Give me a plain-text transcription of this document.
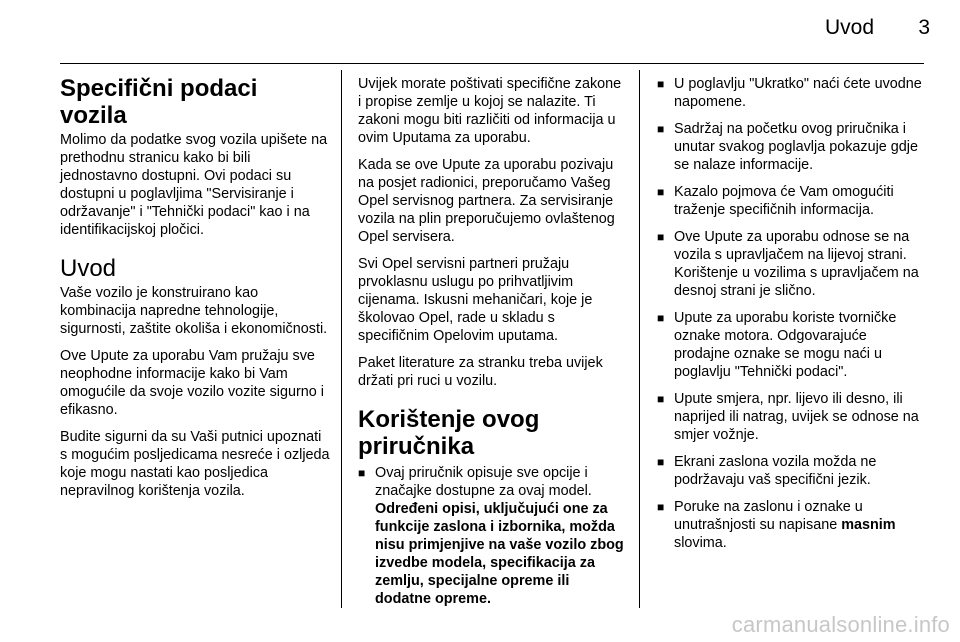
Uvod	3
Specifični podaci vozila

Molimo da podatke svog vozila upišete na prethodnu stranicu kako bi bili jednostavno dostupni. Ovi podaci su dostupni u poglavljima "Servisiranje i održavanje" i "Tehnički podaci" kao i na identifikacijskoj pločici.

Uvod

Vaše vozilo je konstruirano kao kombinacija napredne tehnologije, sigurnosti, zaštite okoliša i ekonomičnosti.

Ove Upute za uporabu Vam pružaju sve neophodne informacije kako bi Vam omogućile da svoje vozilo vozite sigurno i efikasno.

Budite sigurni da su Vaši putnici upoznati s mogućim posljedicama nesreće i ozljeda koje mogu nastati kao posljedica nepravilnog korištenja vozila.

Uvijek morate poštivati specifične zakone i propise zemlje u kojoj se nalazite. Ti zakoni mogu biti različiti od informacija u ovim Uputama za uporabu.

Kada se ove Upute za uporabu pozivaju na posjet radionici, preporučamo Vašeg Opel servisnog partnera. Za servisiranje vozila na plin preporučujemo ovlaštenog Opel servisera.

Svi Opel servisni partneri pružaju prvoklasnu uslugu po prihvatljivim cijenama. Iskusni mehaničari, koje je školovao Opel, rade u skladu s specifičnim Opelovim uputama.

Paket literature za stranku treba uvijek držati pri ruci u vozilu.

Korištenje ovog priručnika
■ Ovaj priručnik opisuje sve opcije i značajke dostupne za ovaj model.
Određeni opisi, uključujući one za funkcije zaslona i izbornika, možda nisu primjenjive na vaše vozilo zbog izvedbe modela, specifikacija za zemlju, specijalne opreme ili dodatne opreme.
■ U poglavlju "Ukratko" naći ćete uvodne napomene.
■ Sadržaj na početku ovog priručnika i unutar svakog poglavlja pokazuje gdje se nalaze informacije.
■ Kazalo pojmova će Vam omogućiti traženje specifičnih informacija.
■ Ove Upute za uporabu odnose se na vozila s upravljačem na lijevoj strani. Korištenje u vozilima s upravljačem na desnoj strani je slično.
■ Upute za uporabu koriste tvorničke oznake motora. Odgovarajuće prodajne oznake se mogu naći u poglavlju "Tehnički podaci".
■ Upute smjera, npr. lijevo ili desno, ili naprijed ili natrag, uvijek se odnose na smjer vožnje.
■ Ekrani zaslona vozila možda ne podržavaju vaš specifični jezik.
■ Poruke na zaslonu i oznake u unutrašnjosti su napisane masnim slovima.
carmanualsonline.info
